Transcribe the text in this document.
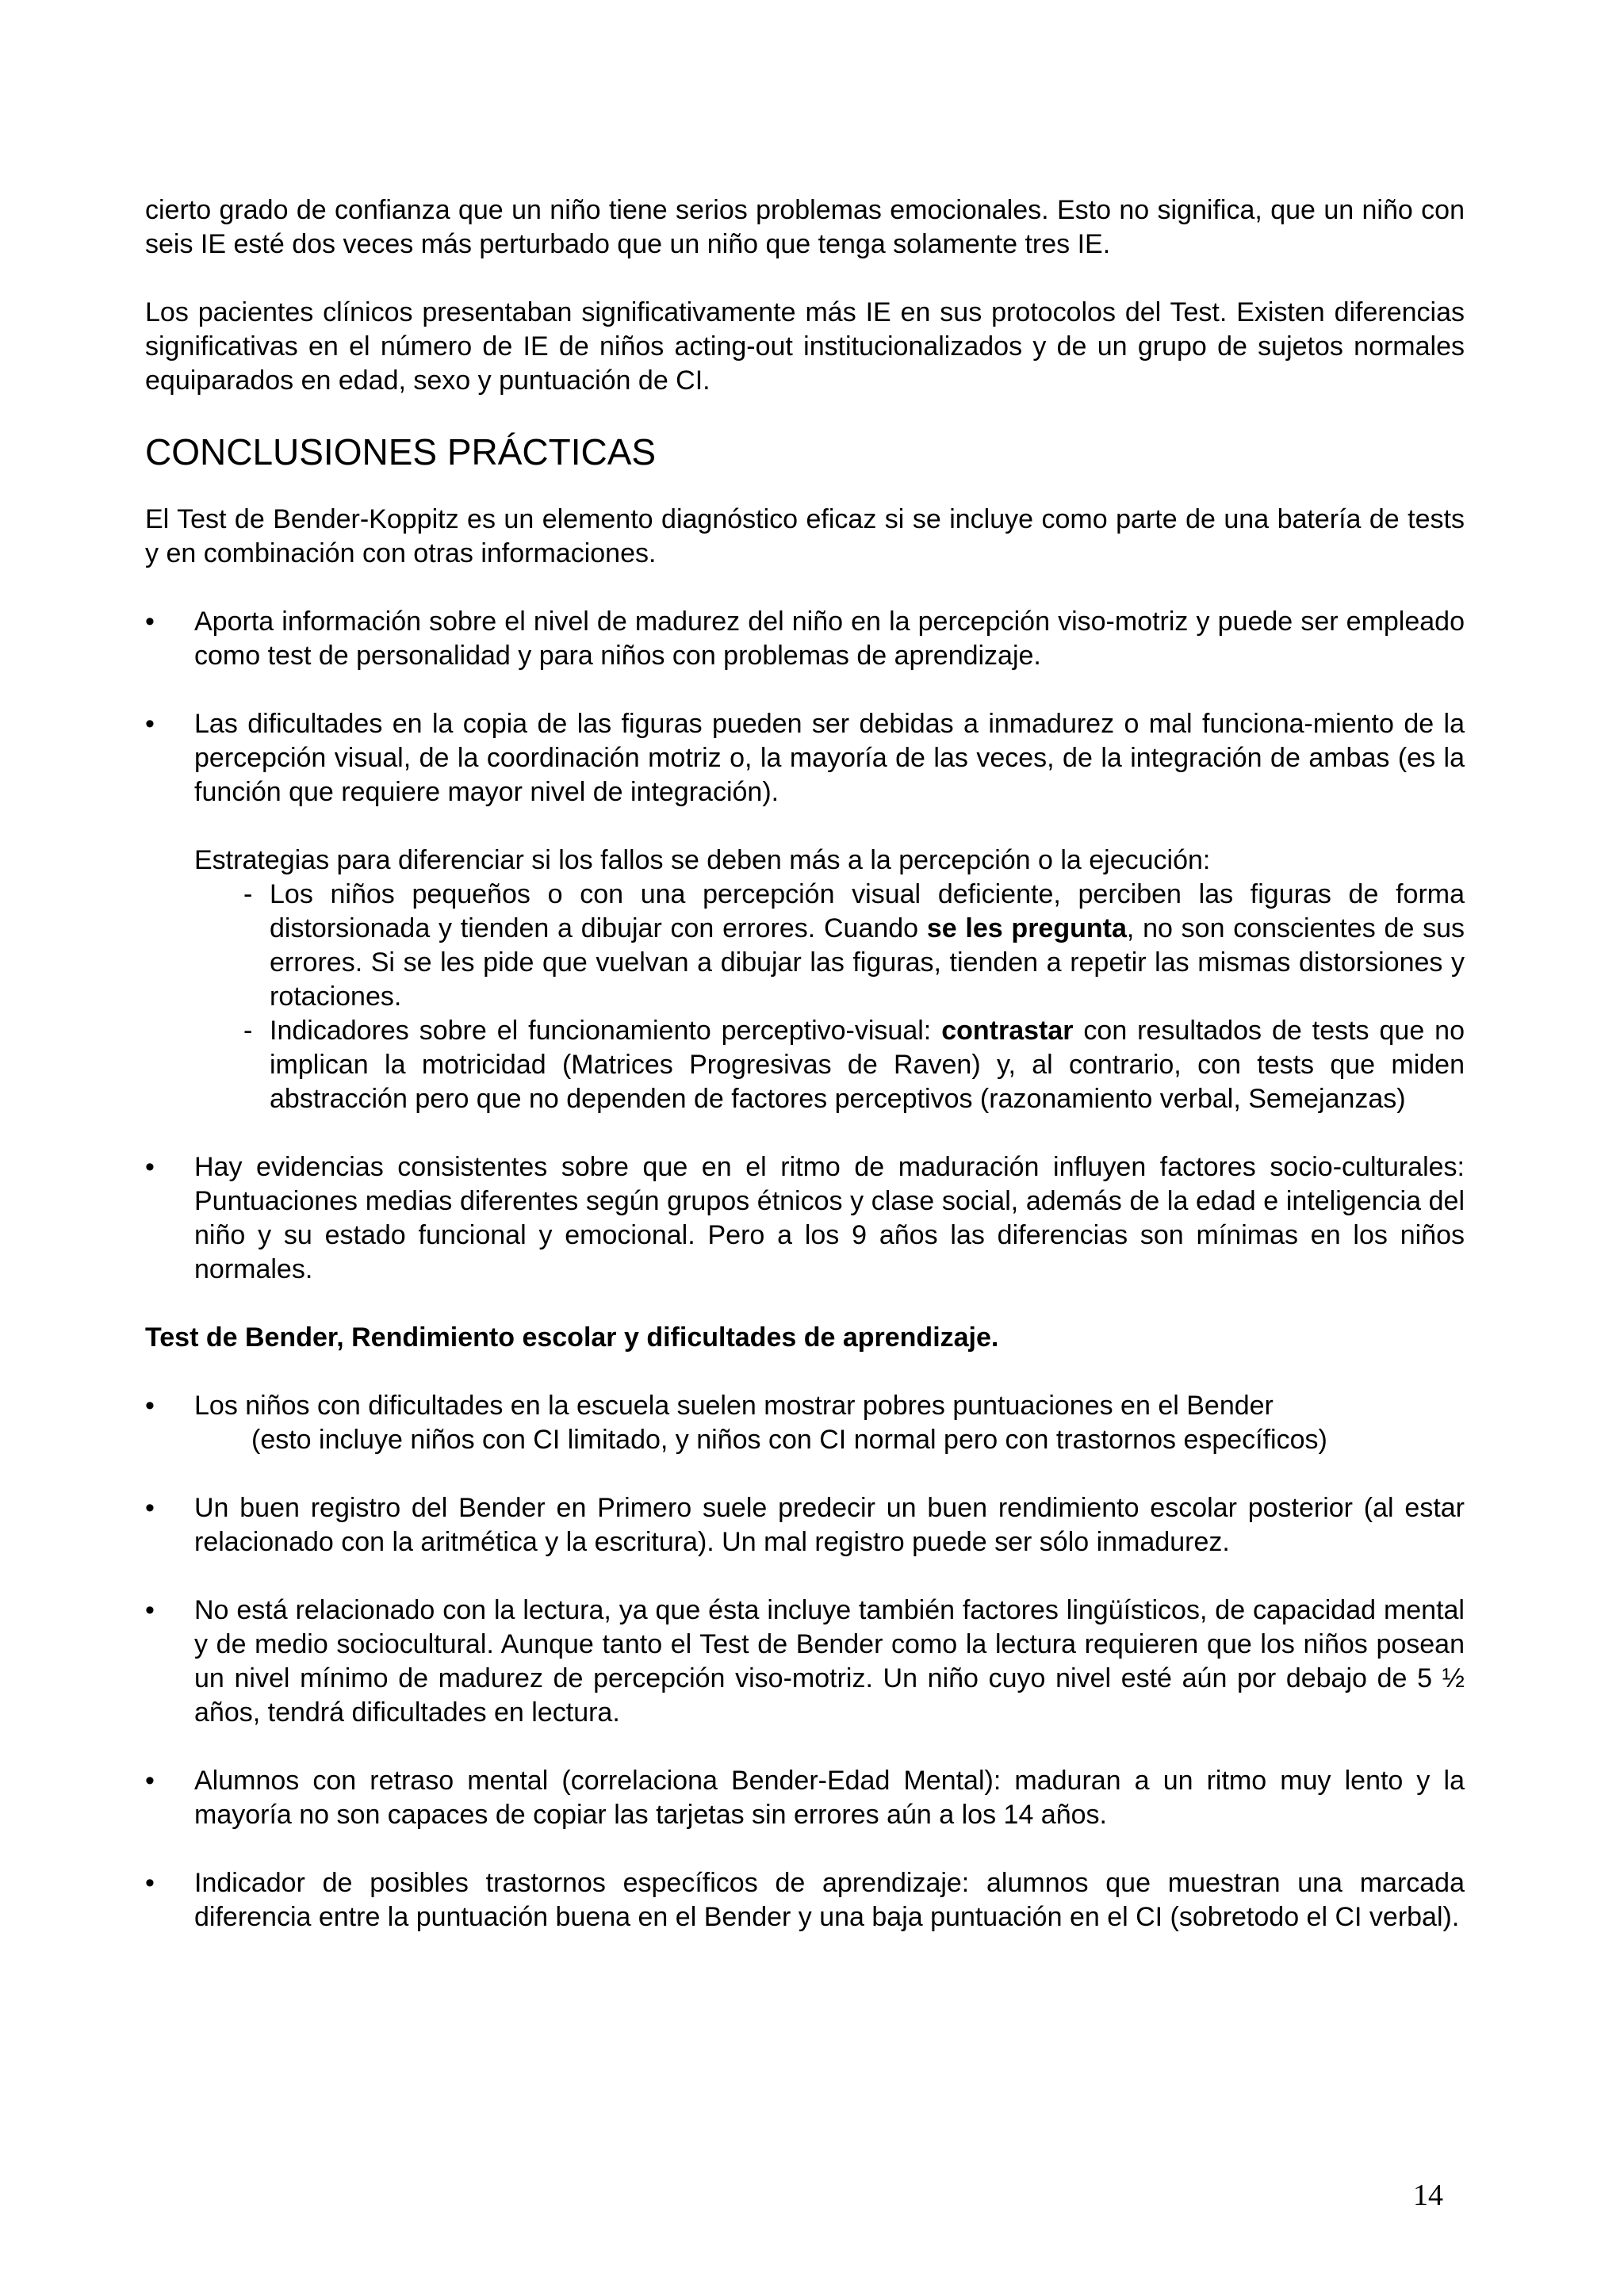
cierto grado de confianza que un niño tiene serios problemas emocionales. Esto no significa, que un niño con seis IE esté dos veces más perturbado que un niño que tenga solamente tres IE.

Los pacientes clínicos presentaban significativamente más IE en sus protocolos del Test. Existen diferencias significativas en el número de IE de niños acting-out institucionalizados y de un grupo de sujetos normales equiparados en edad, sexo y puntuación de CI.

CONCLUSIONES PRÁCTICAS

El Test de Bender-Koppitz es un elemento diagnóstico eficaz si se incluye como parte de una batería de tests y en combinación con otras informaciones.

• Aporta información sobre el nivel de madurez del niño en la percepción viso-motriz y puede ser empleado como test de personalidad y para niños con problemas de aprendizaje.
• Las dificultades en la copia de las figuras pueden ser debidas a inmadurez o mal funciona-miento de la percepción visual, de la coordinación motriz o, la mayoría de las veces, de la integración de ambas (es la función que requiere mayor nivel de integración).

Estrategias para diferenciar si los fallos se deben más a la percepción o la ejecución:

- Los niños pequeños o con una percepción visual deficiente, perciben las figuras de forma distorsionada y tienden a dibujar con errores. Cuando se les pregunta, no son conscientes de sus errores. Si se les pide que vuelvan a dibujar las figuras, tienden a repetir las mismas distorsiones y rotaciones.
- Indicadores sobre el funcionamiento perceptivo-visual: contrastar con resultados de tests que no implican la motricidad (Matrices Progresivas de Raven) y, al contrario, con tests que miden abstracción pero que no dependen de factores perceptivos (razonamiento verbal, Semejanzas)
• Hay evidencias consistentes sobre que en el ritmo de maduración influyen factores socio-culturales: Puntuaciones medias diferentes según grupos étnicos y clase social, además de la edad e inteligencia del niño y su estado funcional y emocional. Pero a los 9 años las diferencias son mínimas en los niños normales.

Test de Bender, Rendimiento escolar y dificultades de aprendizaje.

• Los niños con dificultades en la escuela suelen mostrar pobres puntuaciones en el Bender
(esto incluye niños con CI limitado, y niños con CI normal pero con trastornos específicos)
• Un buen registro del Bender en Primero suele predecir un buen rendimiento escolar posterior (al estar relacionado con la aritmética y la escritura). Un mal registro puede ser sólo inmadurez.
• No está relacionado con la lectura, ya que ésta incluye también factores lingüísticos, de capacidad mental y de medio sociocultural. Aunque tanto el Test de Bender como la lectura requieren que los niños posean un nivel mínimo de madurez de percepción viso-motriz. Un niño cuyo nivel esté aún por debajo de 5 ½ años, tendrá dificultades en lectura.
• Alumnos con retraso mental (correlaciona Bender-Edad Mental): maduran a un ritmo muy lento y la mayoría no son capaces de copiar las tarjetas sin errores aún a los 14 años.
• Indicador de posibles trastornos específicos de aprendizaje: alumnos que muestran una marcada diferencia entre la puntuación buena en el Bender y una baja puntuación en el CI (sobretodo el CI verbal).
14
